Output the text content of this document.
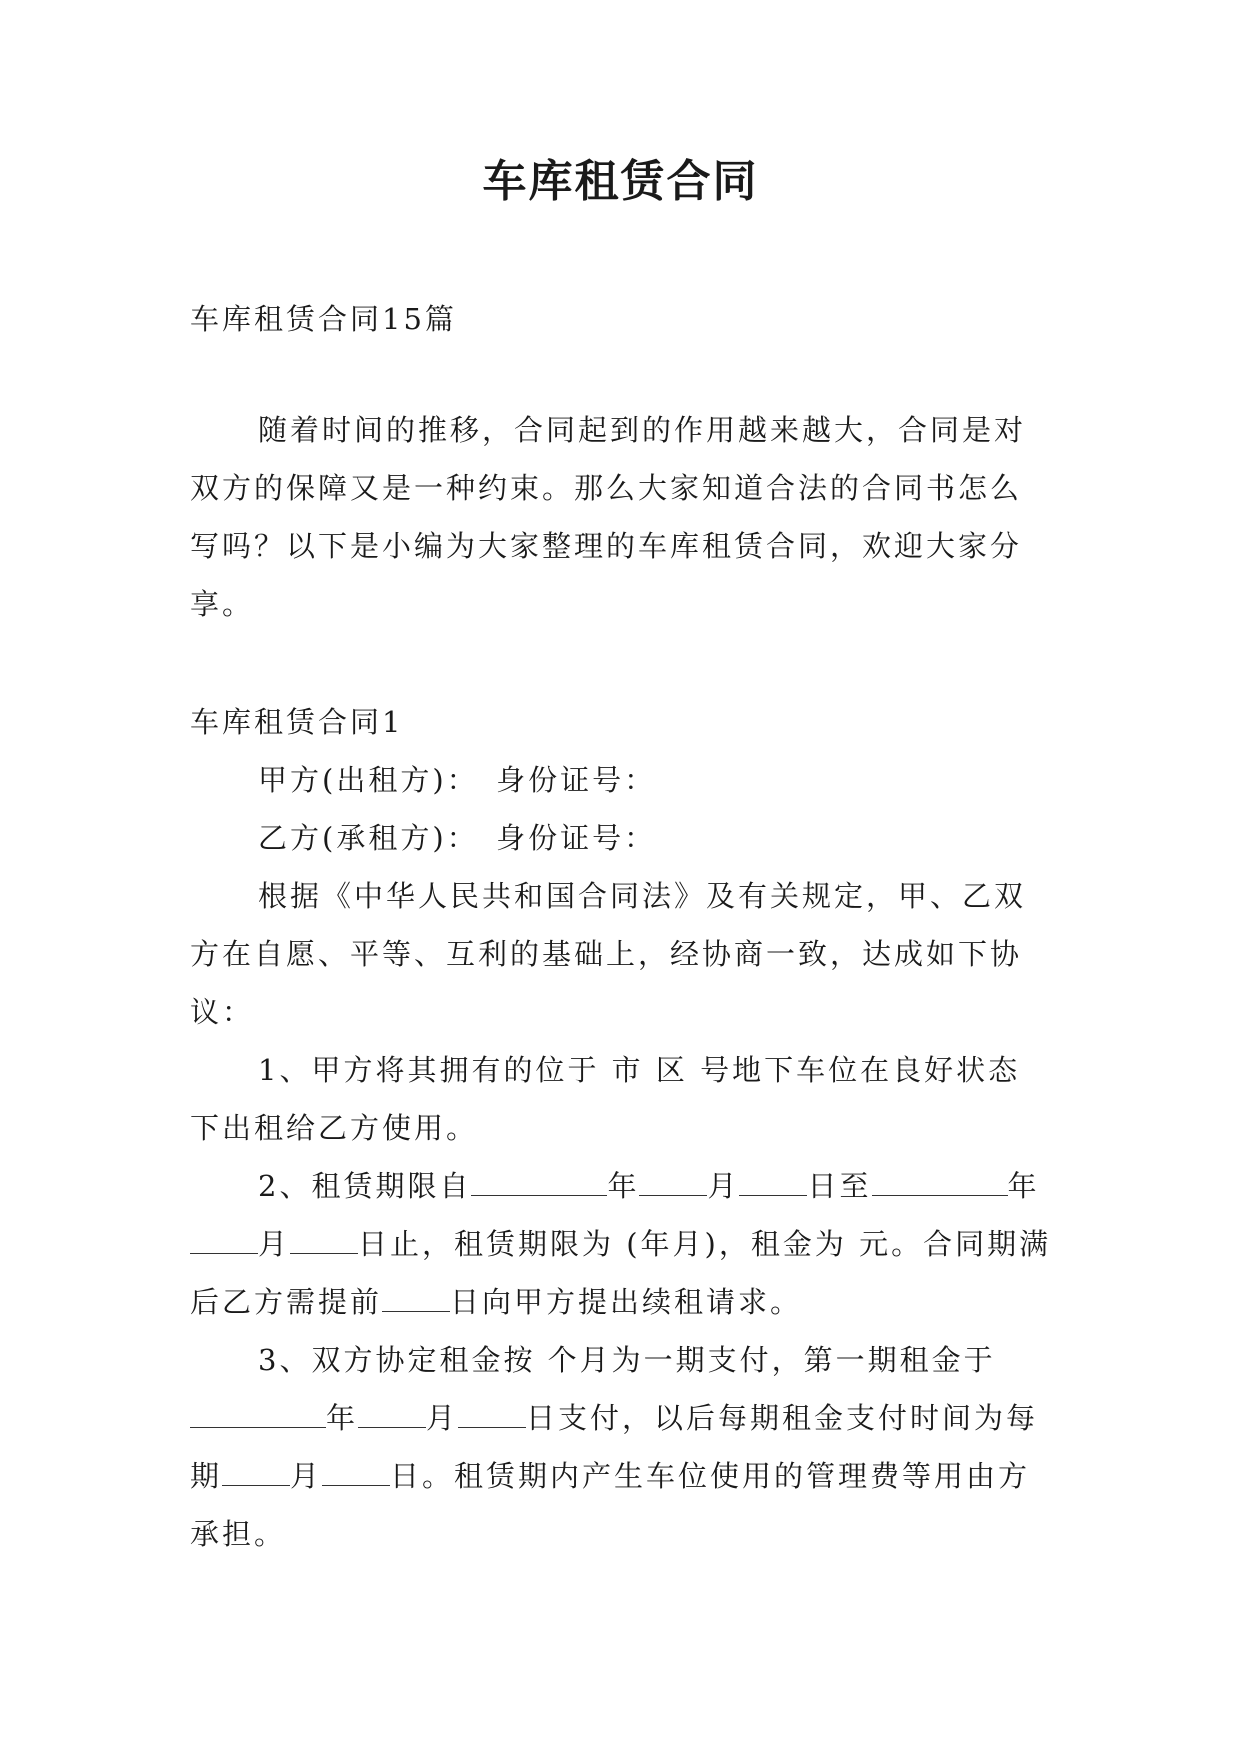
车库租赁合同

车库租赁合同15篇

随着时间的推移，合同起到的作用越来越大，合同是对双方的保障又是一种约束。那么大家知道合法的合同书怎么写吗？以下是小编为大家整理的车库租赁合同，欢迎大家分享。

车库租赁合同1

甲方(出租方)：　身份证号：

乙方(承租方)：　身份证号：

根据《中华人民共和国合同法》及有关规定，甲、乙双方在自愿、平等、互利的基础上，经协商一致，达成如下协议：

1、甲方将其拥有的位于 市 区 号地下车位在良好状态下出租给乙方使用。

2、租赁期限自	年 月 日至	年月 日止，租赁期限为 (年月)，租金为 元。合同期满后乙方需提前 日向甲方提出续租请求。

3、双方协定租金按 个月为一期支付，第一期租金于年 月 日支付，以后每期租金支付时间为每期 月 日。租赁期内产生车位使用的管理费等用由方承担。
